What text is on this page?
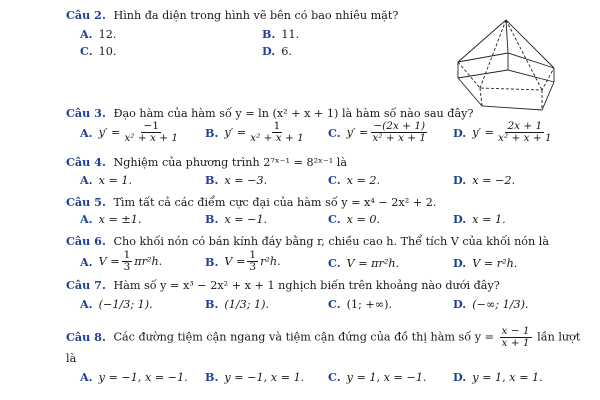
Câu 2. Hình đa diện trong hình vẽ bên có bao nhiêu mặt?
A. 12.	B. 11.
C. 10.	D. 6.
Câu 3. Đạo hàm của hàm số y = ln (x² + x + 1) là hàm số nào sau đây?
A. $y' = \frac{-1}{\text{x² + x + 1}} B$. $y' = \frac{1}{\text{x² + x + 1}} C$. $y' = \frac{-(2x + 1)}{\text{x² + x + 1}} D$. $y' = \frac{2x + 1}{\text{x² + x + 1}}$
Câu 4. Nghiệm của phương trình 2⁷ˣ⁻¹ = 8²ˣ⁻¹ là
A. x = 1.	B. x = −3.	C. x = 2.	D. x = −2.
Câu 5. Tìm tất cả các điểm cực đại của hàm số y = x⁴ − 2x² + 2.
A. x = ±1.	B. x = −1.	C. x = 0.	D. x = 1.
Câu 6. Cho khối nón có bán kính đáy bằng r, chiều cao h. Thể tích V của khối nón là
A. $V = \frac{1}{3} \pi r^2h$.	B. $V = \frac{1}{3} r^2h$.	C. V = πr²h.	D. V = r²h.
Câu 7. Hàm số y = x³ − 2x² + x + 1 nghịch biến trên khoảng nào dưới đây?
A. (−1/3; 1).	B. (1/3; 1).	C. (1; +∞).	D. (−∞; 1/3).
Câu 8. Các đường tiệm cận ngang và tiệm cận đứng của đồ thị hàm số $y = \frac{x - 1}{x + 1}$ lần lượt
là
A. y = −1, x = −1. B. y = −1, x = 1. C. y = 1, x = −1. D. y = 1, x = 1.
